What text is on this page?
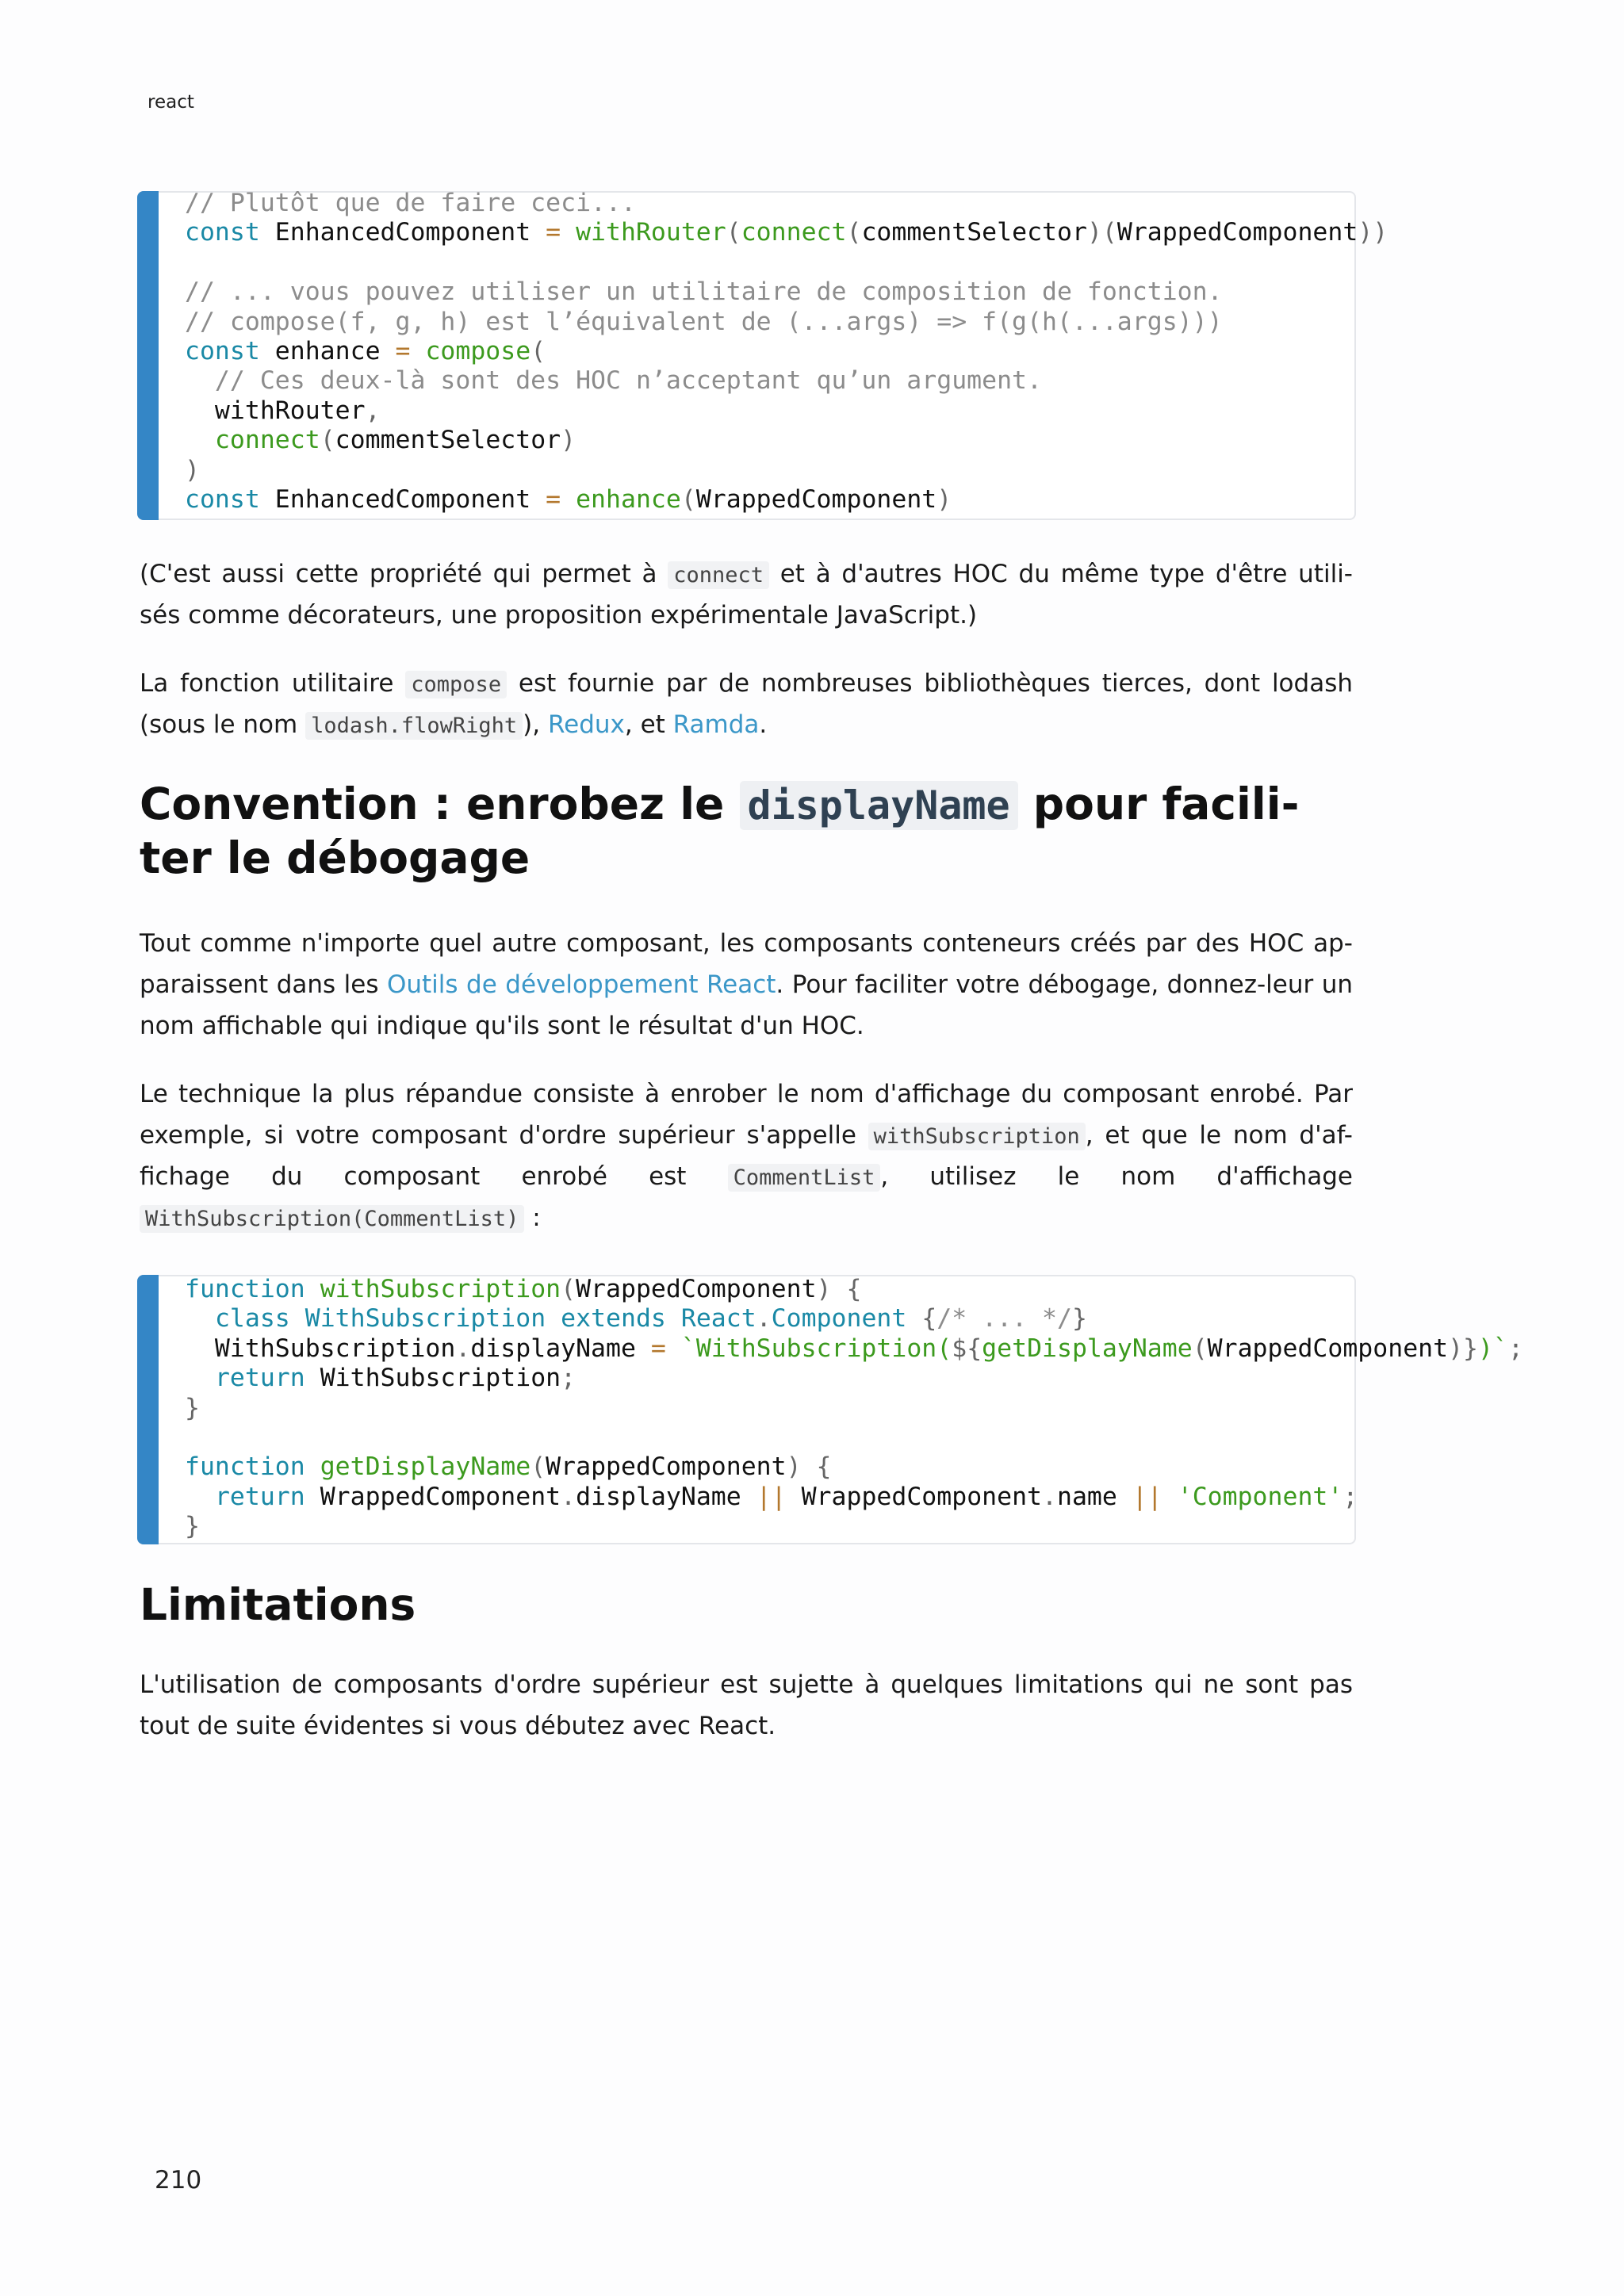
react
// Plutôt que de faire ceci...
const EnhancedComponent = withRouter(connect(commentSelector)(WrappedComponent))

// ... vous pouvez utiliser un utilitaire de composition de fonction.
// compose(f, g, h) est l’équivalent de (...args) => f(g(h(...args)))
const enhance = compose(
// Ces deux-là sont des HOC n’acceptant qu’un argument.
withRouter,
connect(commentSelector)
)
const EnhancedComponent = enhance(WrappedComponent)
(C'est aussi cette propriété qui permet à connect et à d'autres HOC du même type d'être utili-
sés comme décorateurs, une proposition expérimentale JavaScript.)
La fonction utilitaire compose est fournie par de nombreuses bibliothèques tierces, dont lodash
(sous le nom lodash.flowRight ), Redux, et Ramda.
Convention : enrobez le displayName pour facili-
ter le débogage
Tout comme n'importe quel autre composant, les composants conteneurs créés par des HOC ap-
paraissent dans les Outils de développement React. Pour faciliter votre débogage, donnez-leur un
nom affichable qui indique qu'ils sont le résultat d'un HOC.
Le technique la plus répandue consiste à enrober le nom d'affichage du composant enrobé. Par
exemple, si votre composant d'ordre supérieur s'appelle withSubscription , et que le nom d'af-
fichage du composant enrobé est CommentList , utilisez le nom d'affichage
WithSubscription(CommentList) :
function withSubscription(WrappedComponent) {
class WithSubscription extends React.Component {/* ... */}
WithSubscription.displayName = `WithSubscription(${getDisplayName(WrappedComponent)})`;
return WithSubscription;
}

function getDisplayName(WrappedComponent) {
return WrappedComponent.displayName || WrappedComponent.name || 'Component';
}
Limitations
L'utilisation de composants d'ordre supérieur est sujette à quelques limitations qui ne sont pas
tout de suite évidentes si vous débutez avec React.
210
